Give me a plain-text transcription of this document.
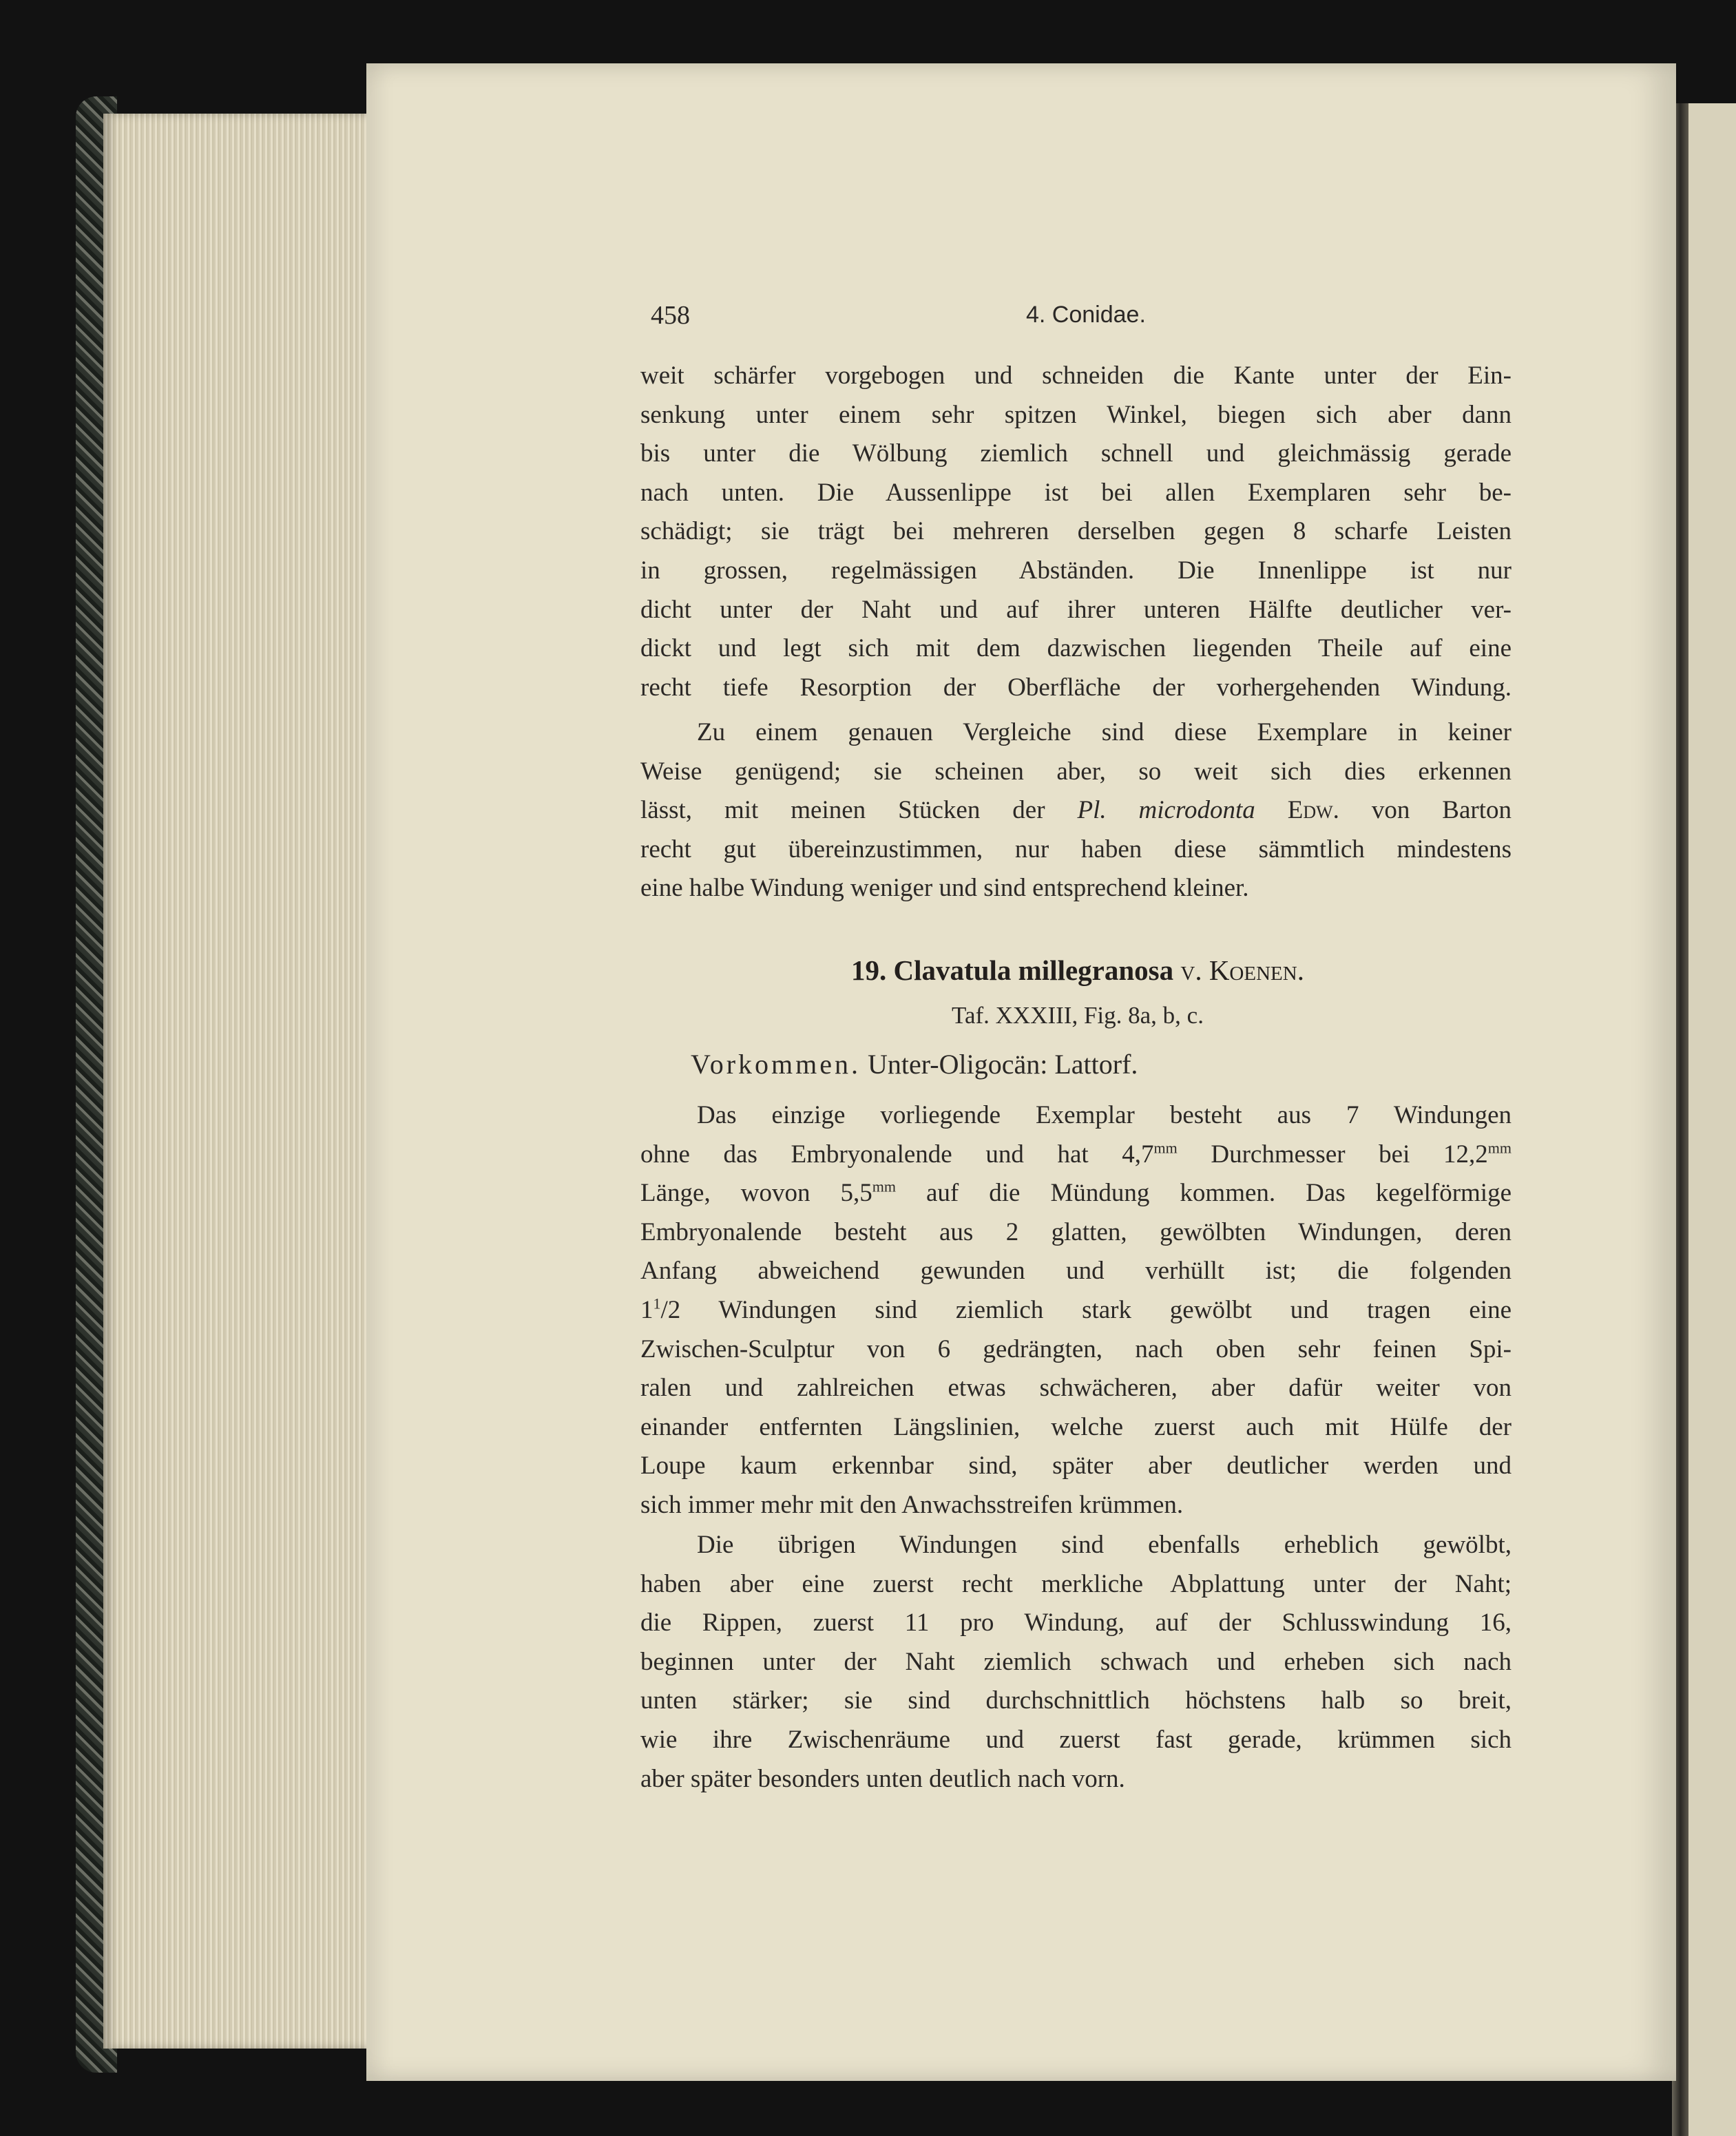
458	4. Conidae.
weit schärfer vorgebogen und schneiden die Kante unter der Ein-
senkung unter einem sehr spitzen Winkel, biegen sich aber dann
bis unter die Wölbung ziemlich schnell und gleichmässig gerade
nach unten. Die Aussenlippe ist bei allen Exemplaren sehr be-
schädigt; sie trägt bei mehreren derselben gegen 8 scharfe Leisten
in grossen, regelmässigen Abständen. Die Innenlippe ist nur
dicht unter der Naht und auf ihrer unteren Hälfte deutlicher ver-
dickt und legt sich mit dem dazwischen liegenden Theile auf eine
recht tiefe Resorption der Oberfläche der vorhergehenden Windung.
Zu einem genauen Vergleiche sind diese Exemplare in keiner
Weise genügend; sie scheinen aber, so weit sich dies erkennen
lässt, mit meinen Stücken der Pl. microdonta Edw. von Barton
recht gut übereinzustimmen, nur haben diese sämmtlich mindestens
eine halbe Windung weniger und sind entsprechend kleiner.
19. Clavatula millegranosa v. Koenen.
Taf. XXXIII, Fig. 8a, b, c.
Vorkommen. Unter-Oligocän: Lattorf.
Das einzige vorliegende Exemplar besteht aus 7 Windungen
ohne das Embryonalende und hat $4,7^{mm}$ Durchmesser bei $12,2^{mm}$
Länge, wovon $5,5^{mm}$ auf die Mündung kommen. Das kegelförmige
Embryonalende besteht aus 2 glatten, gewölbten Windungen, deren
Anfang abweichend gewunden und verhüllt ist; die folgenden
$1^1/2$ Windungen sind ziemlich stark gewölbt und tragen eine
Zwischen-Sculptur von 6 gedrängten, nach oben sehr feinen Spi-
ralen und zahlreichen etwas schwächeren, aber dafür weiter von
einander entfernten Längslinien, welche zuerst auch mit Hülfe der
Loupe kaum erkennbar sind, später aber deutlicher werden und
sich immer mehr mit den Anwachsstreifen krümmen.
Die übrigen Windungen sind ebenfalls erheblich gewölbt,
haben aber eine zuerst recht merkliche Abplattung unter der Naht;
die Rippen, zuerst 11 pro Windung, auf der Schlusswindung 16,
beginnen unter der Naht ziemlich schwach und erheben sich nach
unten stärker; sie sind durchschnittlich höchstens halb so breit,
wie ihre Zwischenräume und zuerst fast gerade, krümmen sich
aber später besonders unten deutlich nach vorn.
